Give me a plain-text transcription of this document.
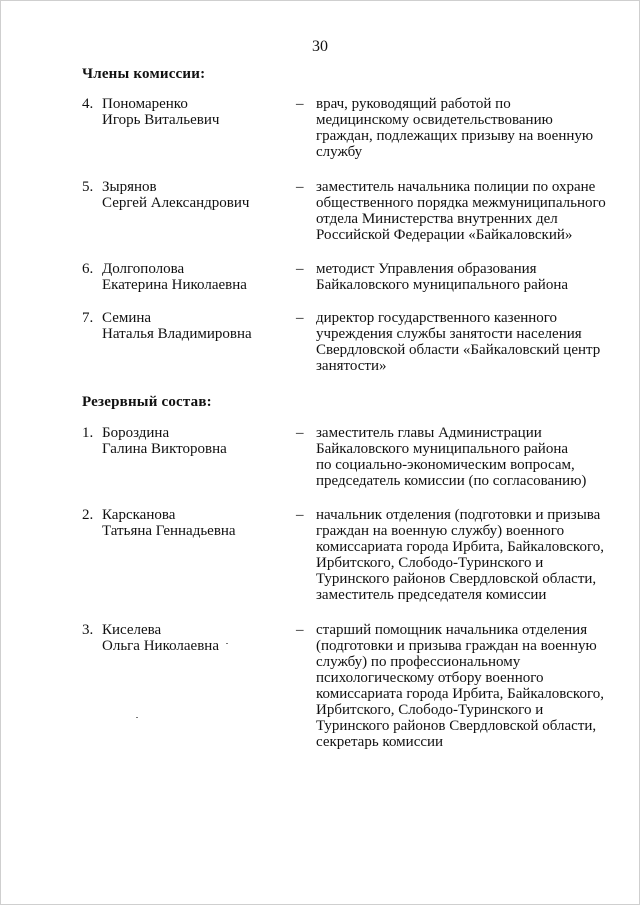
30
Члены комиссии:
4. Пономаренко
Игорь Витальевич
– врач, руководящий работой по
медицинскому освидетельствованию
граждан, подлежащих призыву на военную
службу
5. Зырянов
Сергей Александрович
– заместитель начальника полиции по охране
общественного порядка межмуниципального
отдела Министерства внутренних дел
Российской Федерации «Байкаловский»
6. Долгополова
Екатерина Николаевна
– методист Управления образования
Байкаловского муниципального района
7. Семина
Наталья Владимировна
– директор государственного казенного
учреждения службы занятости населения
Свердловской области «Байкаловский центр
занятости»
Резервный состав:
1. Бороздина
Галина Викторовна
– заместитель главы Администрации
Байкаловского муниципального района
по социально-экономическим вопросам,
председатель комиссии (по согласованию)
2. Карсканова
Татьяна Геннадьевна
– начальник отделения (подготовки и призыва
граждан на военную службу) военного
комиссариата города Ирбита, Байкаловского,
Ирбитского, Слободо-Туринского и
Туринского районов Свердловской области,
заместитель председателя комиссии
3. Киселева
Ольга Николаевна
– старший помощник начальника отделения
(подготовки и призыва граждан на военную
службу) по профессиональному
психологическому отбору военного
комиссариата города Ирбита, Байкаловского,
Ирбитского, Слободо-Туринского и
Туринского районов Свердловской области,
секретарь комиссии
